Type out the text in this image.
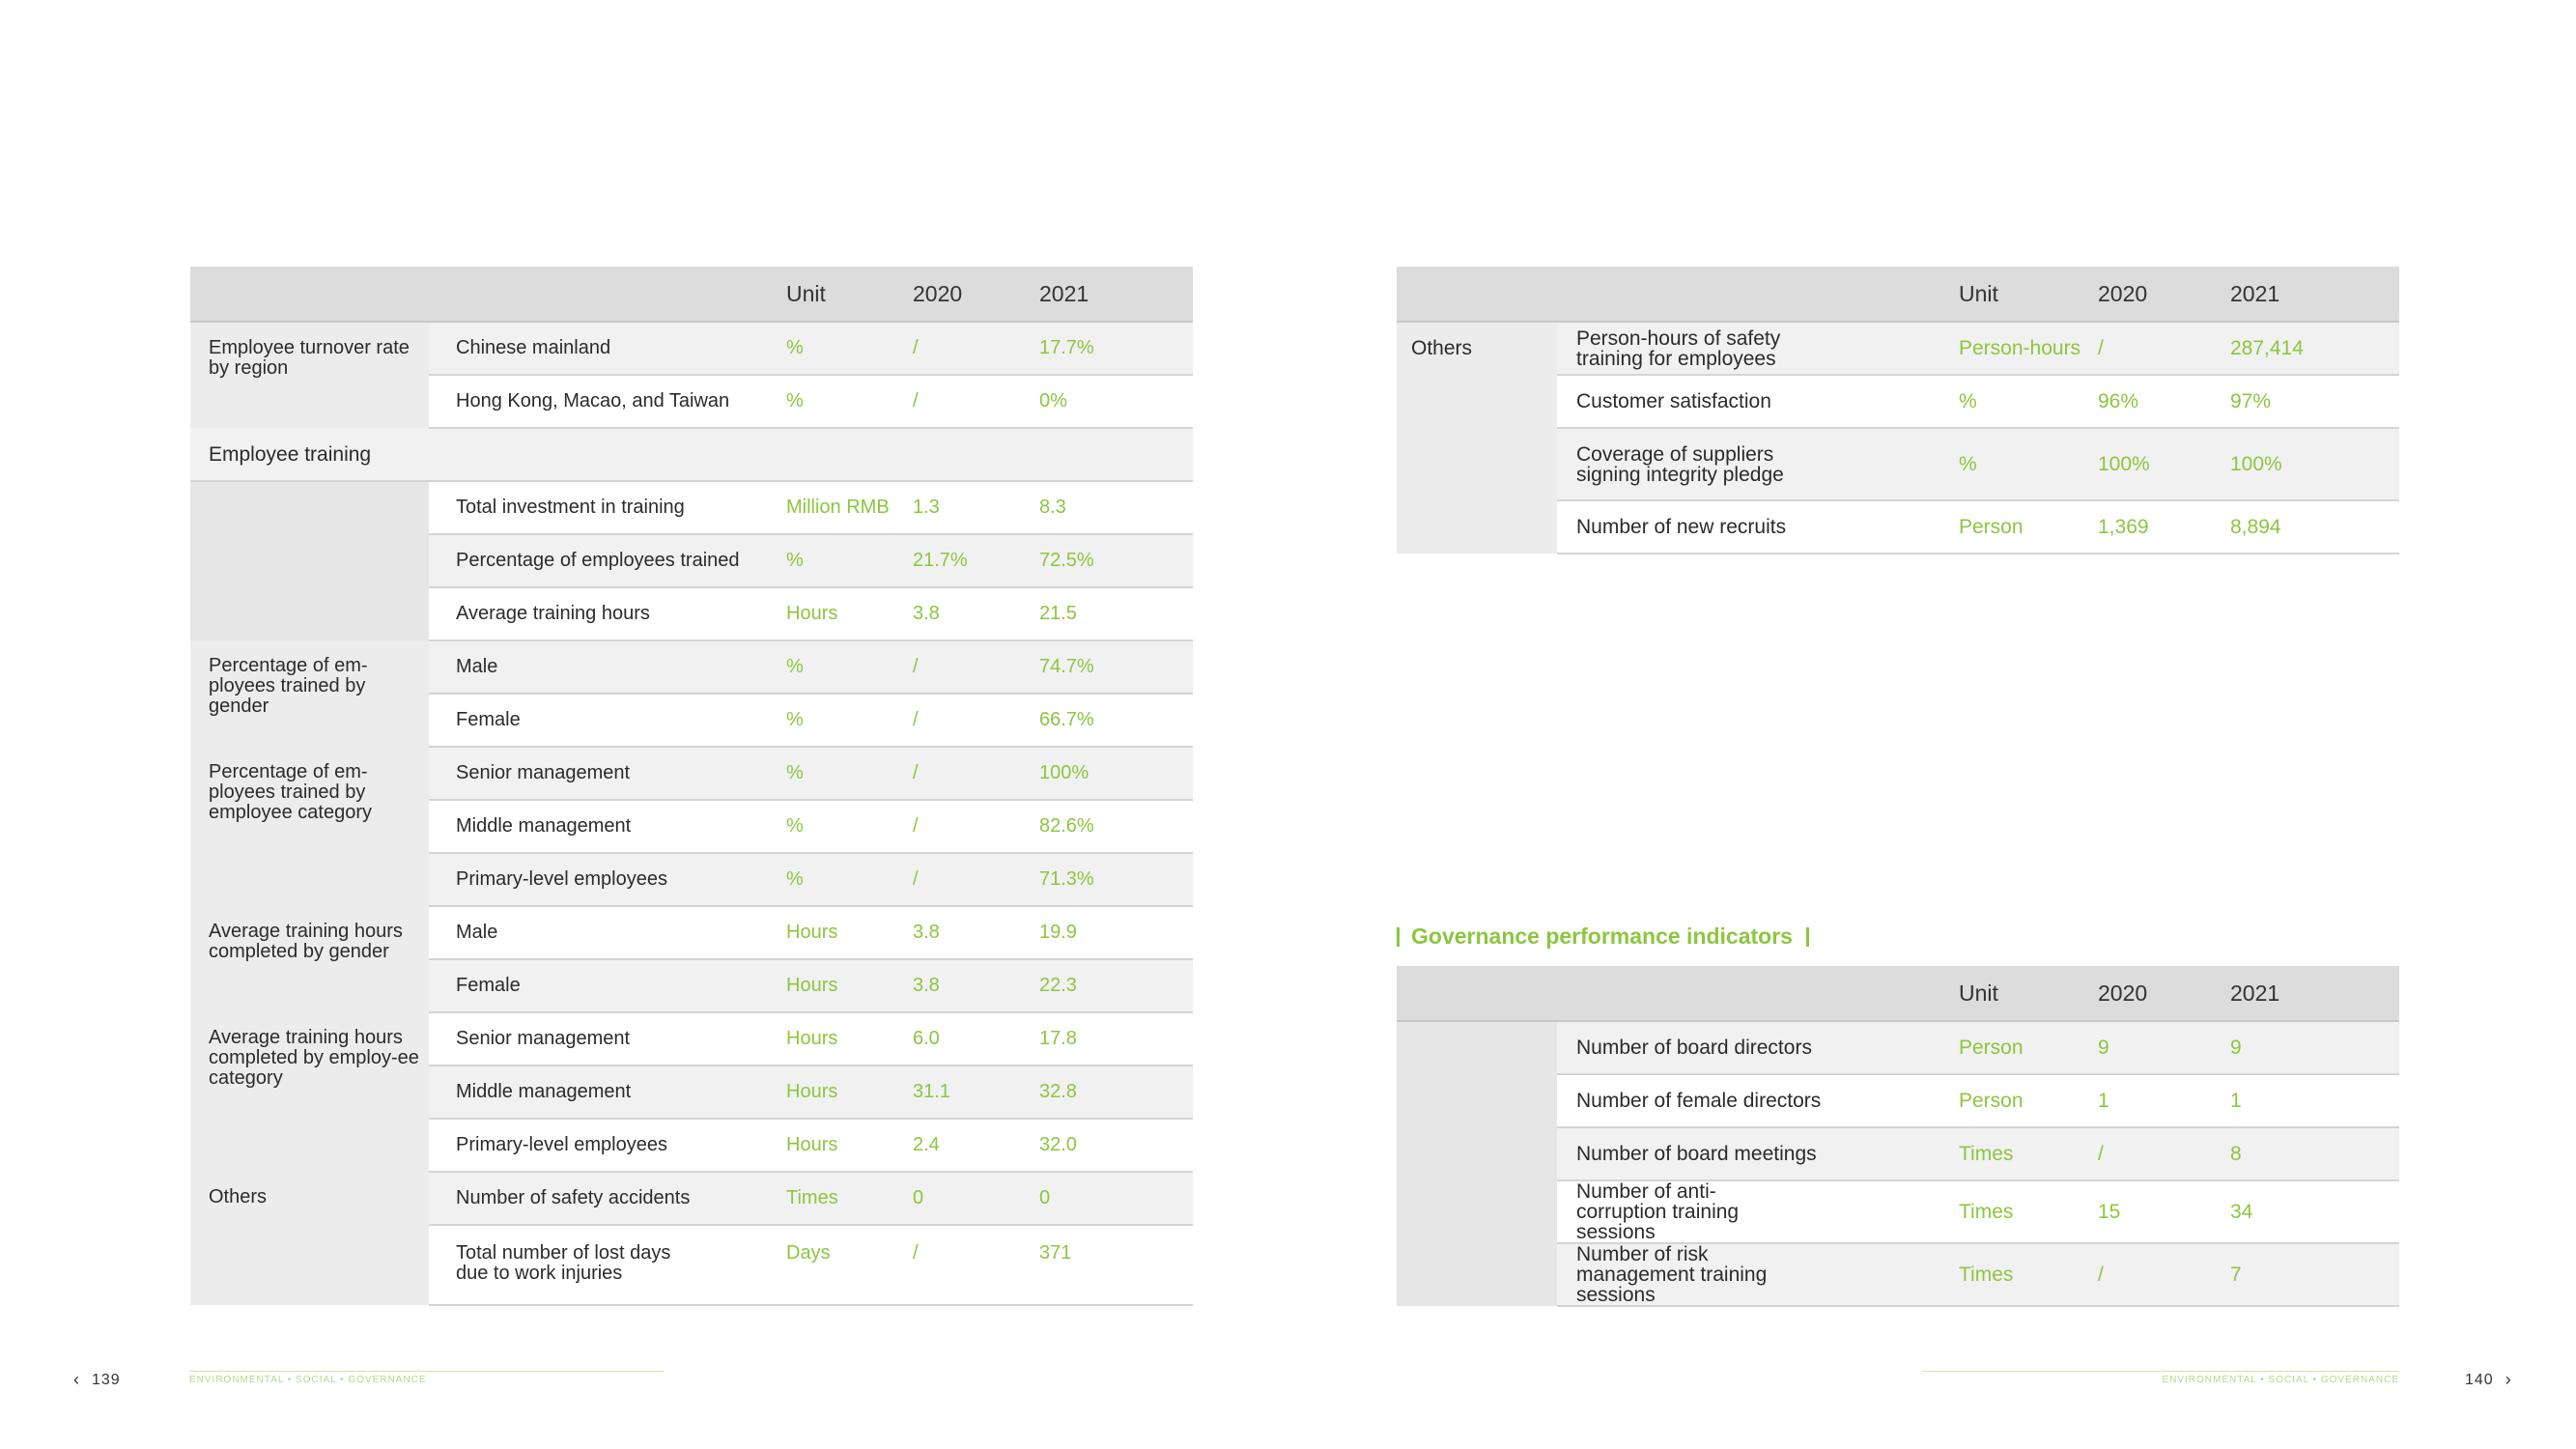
		Unit	2020	2021
Employee turnover rate by region	Chinese mainland	%	/	17.7%
	Hong Kong, Macao, and Taiwan	%	/	0%
Employee training				
	Total investment in training	Million RMB	1.3	8.3
	Percentage of employees trained	%	21.7%	72.5%
	Average training hours	Hours	3.8	21.5
Percentage of em-ployees trained by gender	Male	%	/	74.7%
	Female	%	/	66.7%
Percentage of em-ployees trained by employee category	Senior management	%	/	100%
	Middle management	%	/	82.6%
	Primary-level employees	%	/	71.3%
Average training hours completed by gender	Male	Hours	3.8	19.9
	Female	Hours	3.8	22.3
Average training hours completed by employ-ee category	Senior management	Hours	6.0	17.8
	Middle management	Hours	31.1	32.8
	Primary-level employees	Hours	2.4	32.0
Others	Number of safety accidents	Times	0	0
	Total number of lost days due to work injuries	Days	/	371
		Unit	2020	2021
Others	Person-hours of safety training for employees	Person-hours	/	287,414
	Customer satisfaction	%	96%	97%
	Coverage of suppliers signing integrity pledge	%	100%	100%
	Number of new recruits	Person	1,369	8,894
Governance performance indicators
		Unit	2020	2021
	Number of board directors	Person	9	9
	Number of female directors	Person	1	1
	Number of board meetings	Times	/	8
	Number of anti-corruption training sessions	Times	15	34
	Number of risk management training sessions	Times	/	7
‹ 139	ENVIRONMENTAL • SOCIAL • GOVERNANCE	ENVIRONMENTAL • SOCIAL • GOVERNANCE	140 ›
